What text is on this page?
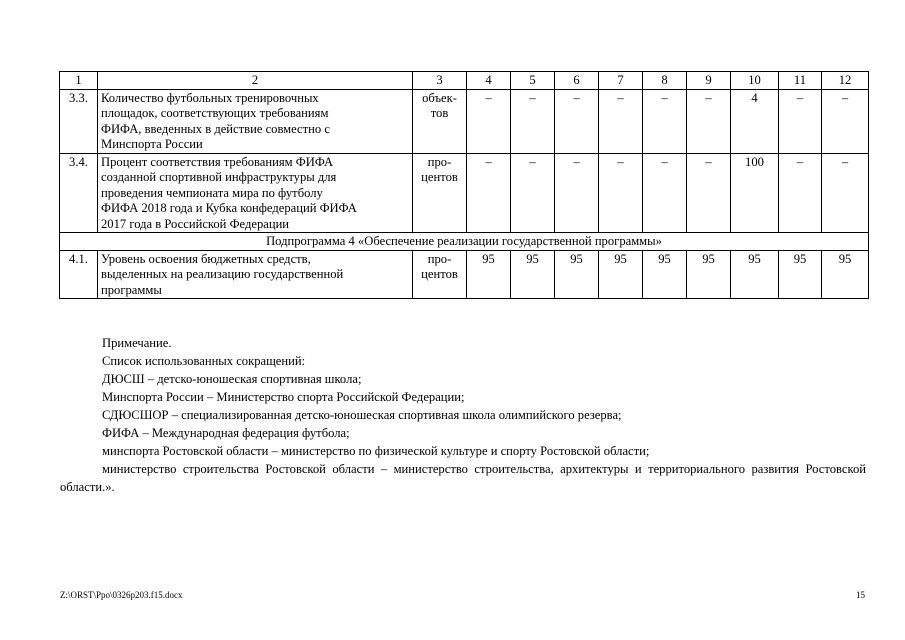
1	2	3	4	5	6	7	8	9	10	11	12
3.3.	Количество футбольных тренировочных
площадок, соответствующих требованиям
ФИФА, введенных в действие совместно с
Минспорта России	объек-
тов	–	–	–	–	–	–	4	–	–
3.4.	Процент соответствия требованиям ФИФА
созданной спортивной инфраструктуры для
проведения чемпионата мира по футболу
ФИФА 2018 года и Кубка конфедераций ФИФА
2017 года в Российской Федерации	про-
центов	–	–	–	–	–	–	100	–	–
Подпрограмма 4 «Обеспечение реализации государственной программы»											
4.1.	Уровень освоения бюджетных средств,
выделенных на реализацию государственной
программы	про-
центов	95	95	95	95	95	95	95	95	95

Примечание.

Список использованных сокращений:

ДЮСШ – детско-юношеская спортивная школа;

Минспорта России – Министерство спорта Российской Федерации;

СДЮСШОР – специализированная детско-юношеская спортивная школа олимпийского резерва;

ФИФА – Международная федерация футбола;

минспорта Ростовской области – министерство по физической культуре и спорту Ростовской области;

министерство строительства Ростовской области – министерство строительства, архитектуры и территориального развития Ростовской области.».

Z:\ORST\Ppo\0326p203.f15.docx	15
